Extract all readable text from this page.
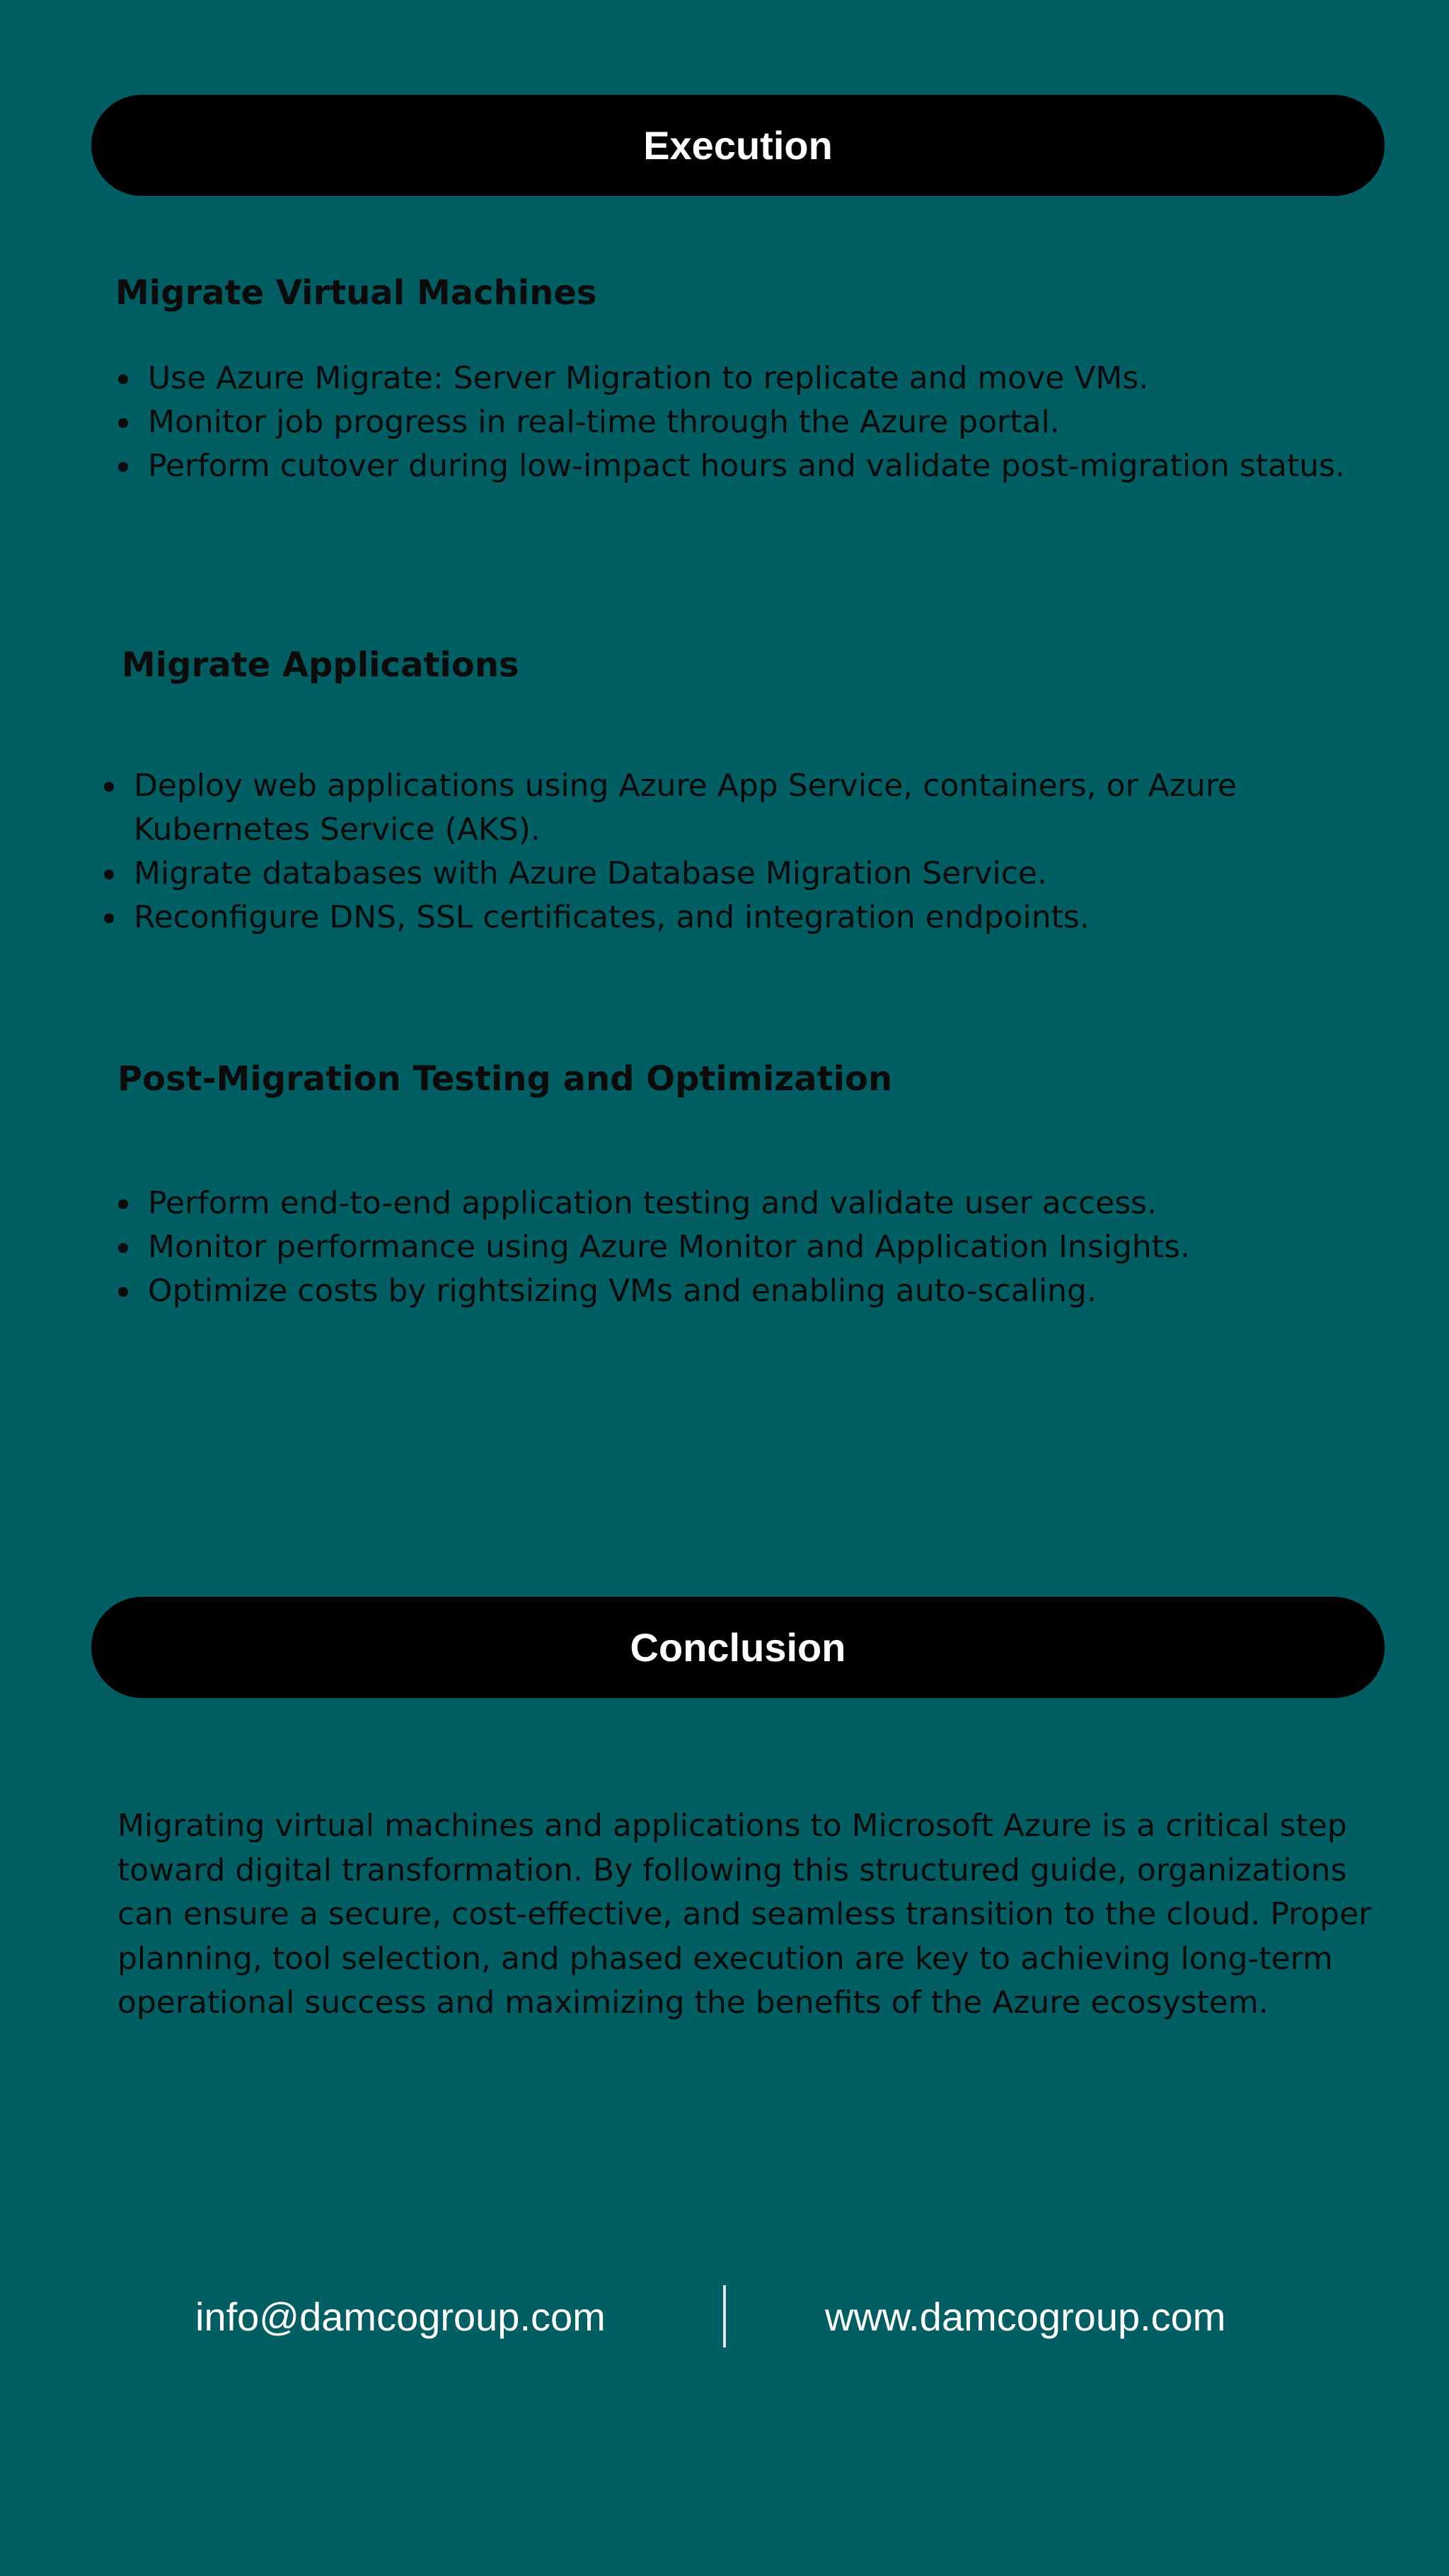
Execution
Migrate Virtual Machines
Use Azure Migrate: Server Migration to replicate and move VMs.
Monitor job progress in real-time through the Azure portal.
Perform cutover during low-impact hours and validate post-migration status.
Migrate Applications
Deploy web applications using Azure App Service, containers, or Azure Kubernetes Service (AKS).
Migrate databases with Azure Database Migration Service.
Reconfigure DNS, SSL certificates, and integration endpoints.
Post-Migration Testing and Optimization
Perform end-to-end application testing and validate user access.
Monitor performance using Azure Monitor and Application Insights.
Optimize costs by rightsizing VMs and enabling auto-scaling.
Conclusion

Migrating virtual machines and applications to Microsoft Azure is a critical step toward digital transformation. By following this structured guide, organizations can ensure a secure, cost-effective, and seamless transition to the cloud. Proper planning, tool selection, and phased execution are key to achieving long-term operational success and maximizing the benefits of the Azure ecosystem.

info@damcogroup.com	www.damcogroup.com
